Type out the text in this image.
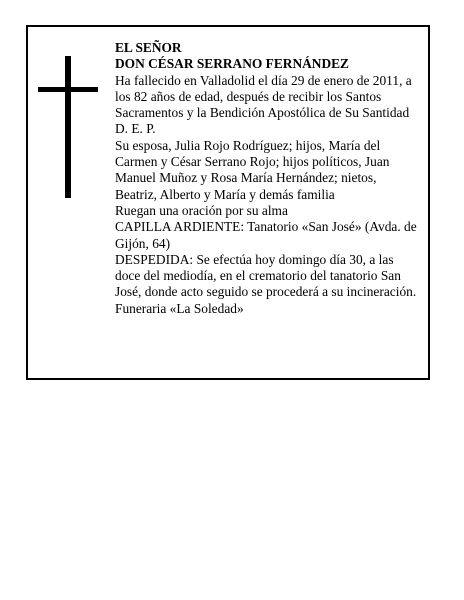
EL SEÑOR

DON CÉSAR SERRANO FERNÁNDEZ

Ha fallecido en Valladolid el día 29 de enero de 2011, a

los 82 años de edad, después de recibir los Santos

Sacramentos y la Bendición Apostólica de Su Santidad

D. E. P.

Su esposa, Julia Rojo Rodríguez; hijos, María del

Carmen y César Serrano Rojo; hijos políticos, Juan

Manuel Muñoz y Rosa María Hernández; nietos,

Beatriz, Alberto y María y demás familia

Ruegan una oración por su alma

CAPILLA ARDIENTE: Tanatorio «San José» (Avda. de

Gijón, 64)

DESPEDIDA: Se efectúa hoy domingo día 30, a las

doce del mediodía, en el crematorio del tanatorio San

José, donde acto seguido se procederá a su incineración.

Funeraria «La Soledad»
